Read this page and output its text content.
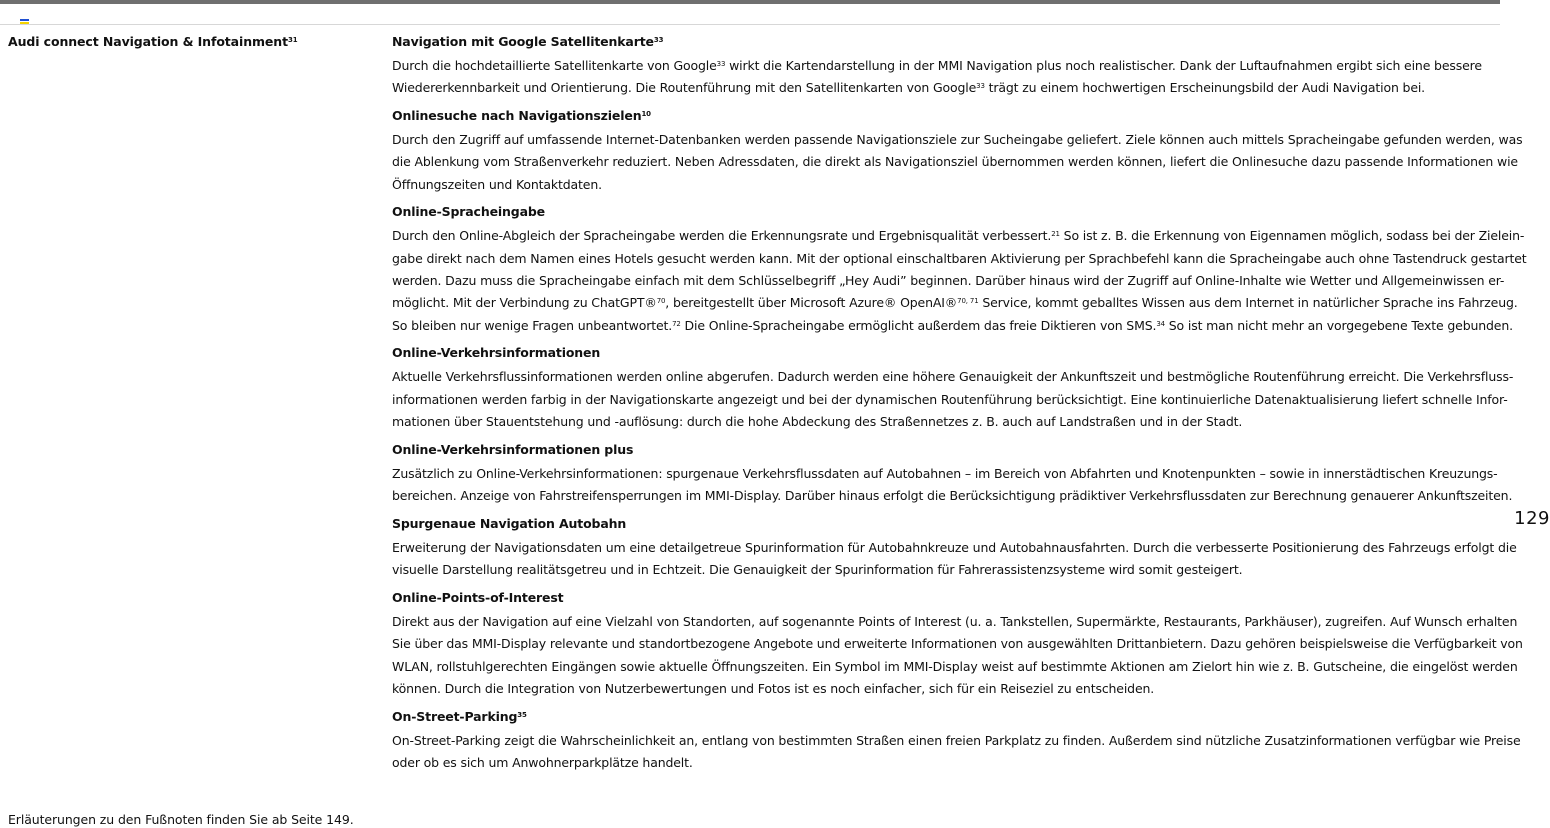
Audi connect Navigation & Infotainment$^{31}$	Navigation mit Google Satellitenkarte$^{33}$
Durch die hochdetaillierte Satellitenkarte von Google$^{33}$ wirkt die Kartendarstellung in der MMI Navigation plus noch realistischer. Dank der Luftaufnahmen ergibt sich eine bessere
Wiedererkennbarkeit und Orientierung. Die Routenführung mit den Satellitenkarten von Google$^{33}$ trägt zu einem hochwertigen Erscheinungsbild der Audi Navigation bei.
Onlinesuche nach Navigationszielen$^{10}$
Durch den Zugriff auf umfassende Internet-Datenbanken werden passende Navigationsziele zur Sucheingabe geliefert. Ziele können auch mittels Spracheingabe gefunden werden, was
die Ablenkung vom Straßenverkehr reduziert. Neben Adressdaten, die direkt als Navigationsziel übernommen werden können, liefert die Onlinesuche dazu passende Informationen wie
Öffnungszeiten und Kontaktdaten.
Online-Spracheingabe
Durch den Online-Abgleich der Spracheingabe werden die Erkennungsrate und Ergebnisqualität verbessert.$^{21}$ So ist z. B. die Erkennung von Eigennamen möglich, sodass bei der Zielein-
gabe direkt nach dem Namen eines Hotels gesucht werden kann. Mit der optional einschaltbaren Aktivierung per Sprachbefehl kann die Spracheingabe auch ohne Tastendruck gestartet
werden. Dazu muss die Spracheingabe einfach mit dem Schlüsselbegriff „Hey Audi” beginnen. Darüber hinaus wird der Zugriff auf Online-Inhalte wie Wetter und Allgemeinwissen er-
möglicht. Mit der Verbindung zu ChatGPT®$^{70}$, bereitgestellt über Microsoft Azure® OpenAI®$^{70, 71}$ Service, kommt geballtes Wissen aus dem Internet in natürlicher Sprache ins Fahrzeug.
So bleiben nur wenige Fragen unbeantwortet.$^{72}$ Die Online-Spracheingabe ermöglicht außerdem das freie Diktieren von SMS.$^{34}$ So ist man nicht mehr an vorgegebene Texte gebunden.
Online-Verkehrsinformationen
Aktuelle Verkehrsflussinformationen werden online abgerufen. Dadurch werden eine höhere Genauigkeit der Ankunftszeit und bestmögliche Routenführung erreicht. Die Verkehrsfluss-
informationen werden farbig in der Navigationskarte angezeigt und bei der dynamischen Routenführung berücksichtigt. Eine kontinuierliche Datenaktualisierung liefert schnelle Infor-
mationen über Stauentstehung und -auflösung: durch die hohe Abdeckung des Straßennetzes z. B. auch auf Landstraßen und in der Stadt.
Online-Verkehrsinformationen plus
Zusätzlich zu Online-Verkehrsinformationen: spurgenaue Verkehrsflussdaten auf Autobahnen – im Bereich von Abfahrten und Knotenpunkten – sowie in innerstädtischen Kreuzungs-
bereichen. Anzeige von Fahrstreifensperrungen im MMI-Display. Darüber hinaus erfolgt die Berücksichtigung prädiktiver Verkehrsflussdaten zur Berechnung genauerer Ankunftszeiten.
Spurgenaue Navigation Autobahn
Erweiterung der Navigationsdaten um eine detailgetreue Spurinformation für Autobahnkreuze und Autobahnausfahrten. Durch die verbesserte Positionierung des Fahrzeugs erfolgt die
visuelle Darstellung realitätsgetreu und in Echtzeit. Die Genauigkeit der Spurinformation für Fahrerassistenzsysteme wird somit gesteigert.
Online-Points-of-Interest
Direkt aus der Navigation auf eine Vielzahl von Standorten, auf sogenannte Points of Interest (u. a. Tankstellen, Supermärkte, Restaurants, Parkhäuser), zugreifen. Auf Wunsch erhalten
Sie über das MMI-Display relevante und standortbezogene Angebote und erweiterte Informationen von ausgewählten Drittanbietern. Dazu gehören beispielsweise die Verfügbarkeit von
WLAN, rollstuhlgerechten Eingängen sowie aktuelle Öffnungszeiten. Ein Symbol im MMI-Display weist auf bestimmte Aktionen am Zielort hin wie z. B. Gutscheine, die eingelöst werden
können. Durch die Integration von Nutzerbewertungen und Fotos ist es noch einfacher, sich für ein Reiseziel zu entscheiden.
On-Street-Parking$^{35}$
On-Street-Parking zeigt die Wahrscheinlichkeit an, entlang von bestimmten Straßen einen freien Parkplatz zu finden. Außerdem sind nützliche Zusatzinformationen verfügbar wie Preise
oder ob es sich um Anwohnerparkplätze handelt.
129
Erläuterungen zu den Fußnoten finden Sie ab Seite 149.
